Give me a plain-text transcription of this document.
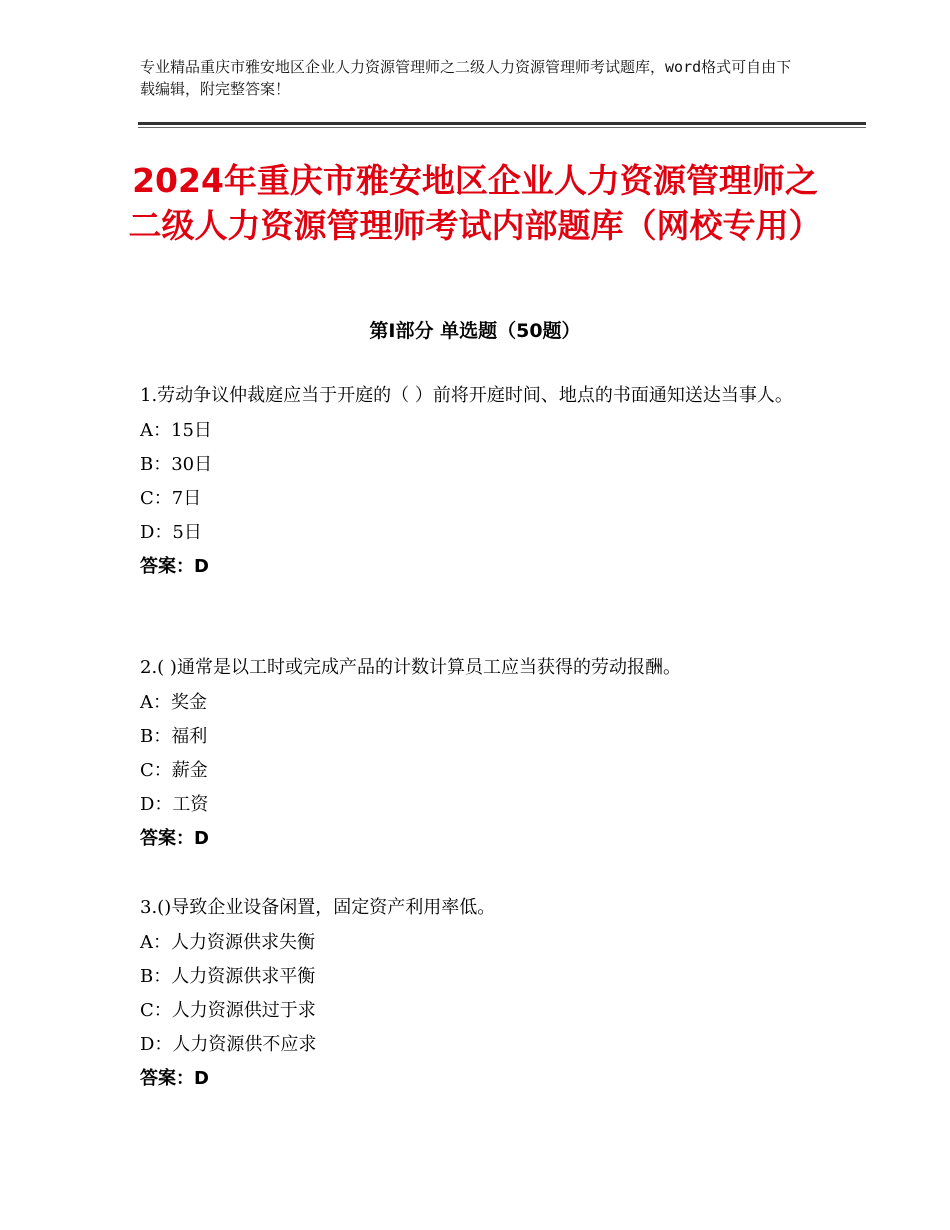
专业精品重庆市雅安地区企业人力资源管理师之二级人力资源管理师考试题库，word格式可自由下载编辑，附完整答案！
2024年重庆市雅安地区企业人力资源管理师之二级人力资源管理师考试内部题库（网校专用）
第Ⅰ部分 单选题（50题）

1.劳动争议仲裁庭应当于开庭的（ ）前将开庭时间、地点的书面通知送达当事人。

A：15日

B：30日

C：7日

D：5日

答案：D

2.( )通常是以工时或完成产品的计数计算员工应当获得的劳动报酬。

A：奖金

B：福利

C：薪金

D：工资

答案：D

3.()导致企业设备闲置，固定资产利用率低。

A：人力资源供求失衡

B：人力资源供求平衡

C：人力资源供过于求

D：人力资源供不应求

答案：D
